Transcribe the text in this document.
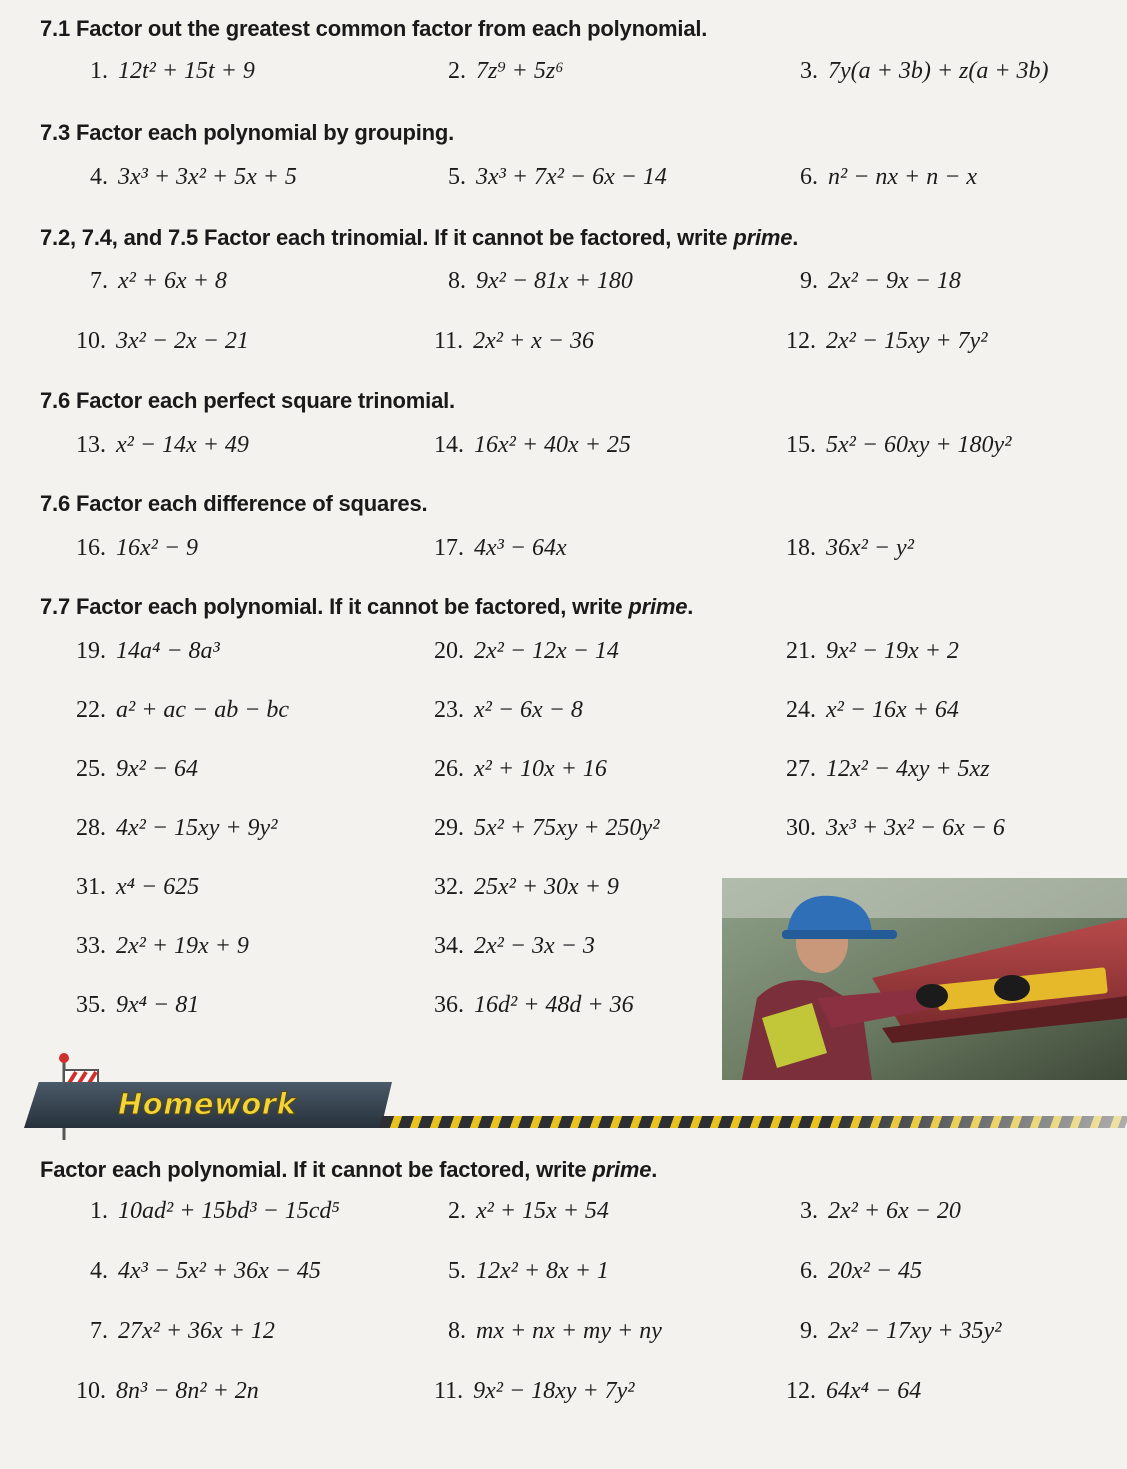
7.1 Factor out the greatest common factor from each polynomial.
7.3 Factor each polynomial by grouping.
7.2, 7.4, and 7.5 Factor each trinomial. If it cannot be factored, write prime.
7.6 Factor each perfect square trinomial.
7.6 Factor each difference of squares.
7.7 Factor each polynomial. If it cannot be factored, write prime.
1. 12t² + 15t + 9	2. 7z⁹ + 5z⁶	3. 7y(a + 3b) + z(a + 3b)
4. 3x³ + 3x² + 5x + 5	5. 3x³ + 7x² − 6x − 14	6. n² − nx + n − x
7. x² + 6x + 8	8. 9x² − 81x + 180	9. 2x² − 9x − 18
10. 3x² − 2x − 21	11. 2x² + x − 36	12. 2x² − 15xy + 7y²
13. x² − 14x + 49	14. 16x² + 40x + 25	15. 5x² − 60xy + 180y²
16. 16x² − 9	17. 4x³ − 64x	18. 36x² − y²
19. 14a⁴ − 8a³	20. 2x² − 12x − 14	21. 9x² − 19x + 2
22. a² + ac − ab − bc	23. x² − 6x − 8	24. x² − 16x + 64
25. 9x² − 64	26. x² + 10x + 16	27. 12x² − 4xy + 5xz
28. 4x² − 15xy + 9y²	29. 5x² + 75xy + 250y²	30. 3x³ + 3x² − 6x − 6
31. x⁴ − 625	32. 25x² + 30x + 9
33. 2x² + 19x + 9	34. 2x² − 3x − 3
35. 9x⁴ − 81	36. 16d² + 48d + 36
Homework
Factor each polynomial. If it cannot be factored, write prime.
1. 10ad² + 15bd³ − 15cd⁵	2. x² + 15x + 54	3. 2x² + 6x − 20
4. 4x³ − 5x² + 36x − 45	5. 12x² + 8x + 1	6. 20x² − 45
7. 27x² + 36x + 12	8. mx + nx + my + ny	9. 2x² − 17xy + 35y²
10. 8n³ − 8n² + 2n	11. 9x² − 18xy + 7y²	12. 64x⁴ − 64
